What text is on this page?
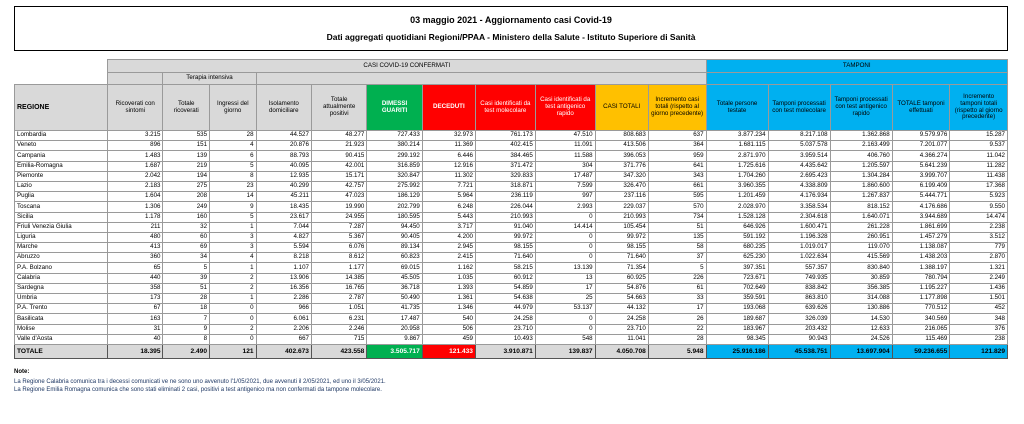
03 maggio 2021 - Aggiornamento casi Covid-19
Dati aggregati quotidiani Regioni/PPAA - Ministero della Salute - Istituto Superiore di Sanità
	CASI COVID-19 CONFERMATI											TAMPONI				
		Terapia intensiva														
REGIONE	Ricoverati con sintomi	Totale ricoverati	Ingressi del giorno	Isolamento domiciliare	Totale attualmente positivi	DIMESSI GUARITI	DECEDUTI	Casi identificati da test molecolare	Casi identificati da test antigenico rapido	CASI TOTALI	Incremento casi totali (rispetto al giorno precedente)	Totale persone testate	Tamponi processati con test molecolare	Tamponi processati con test antigenico rapido	TOTALE tamponi effettuati	Incremento tamponi totali (rispetto al giorno precedente)
Lombardia	3.215	535	28	44.527	48.277	727.433	32.973	761.173	47.510	808.683	637	3.877.234	8.217.108	1.362.868	9.579.976	15.287
Veneto	896	151	4	20.876	21.923	380.214	11.369	402.415	11.091	413.506	364	1.681.115	5.037.578	2.163.499	7.201.077	9.537
Campania	1.483	139	6	88.793	90.415	299.192	6.446	384.465	11.588	396.053	959	2.871.970	3.959.514	406.760	4.366.274	11.042
Emilia-Romagna	1.687	219	5	40.095	42.001	316.859	12.916	371.472	304	371.776	641	1.725.616	4.435.642	1.205.597	5.641.239	11.282
Piemonte	2.042	194	8	12.935	15.171	320.847	11.302	329.833	17.487	347.320	343	1.704.260	2.695.423	1.304.284	3.999.707	11.438
Lazio	2.183	275	23	40.299	42.757	275.992	7.721	318.871	7.599	326.470	661	3.960.355	4.338.809	1.860.600	6.199.409	17.368
Puglia	1.604	208	14	45.211	47.023	186.129	5.964	236.119	997	237.116	595	1.201.459	4.176.934	1.267.837	5.444.771	5.923
Toscana	1.306	249	9	18.435	19.990	202.799	6.248	226.044	2.993	229.037	570	2.028.970	3.358.534	818.152	4.176.686	9.550
Sicilia	1.178	160	5	23.617	24.955	180.595	5.443	210.993	0	210.993	734	1.528.128	2.304.618	1.640.071	3.944.689	14.474
Friuli Venezia Giulia	211	32	1	7.044	7.287	94.450	3.717	91.040	14.414	105.454	51	646.926	1.600.471	261.228	1.861.699	2.238
Liguria	480	60	3	4.827	5.367	90.405	4.200	99.972	0	99.972	135	591.192	1.196.328	260.951	1.457.279	3.512
Marche	413	69	3	5.594	6.076	89.134	2.945	98.155	0	98.155	58	680.235	1.019.017	119.070	1.138.087	779
Abruzzo	360	34	4	8.218	8.612	60.823	2.415	71.640	0	71.640	37	625.230	1.022.634	415.569	1.438.203	2.870
P.A. Bolzano	65	5	1	1.107	1.177	69.015	1.162	58.215	13.139	71.354	5	397.351	557.357	830.840	1.388.197	1.321
Calabria	440	39	2	13.906	14.385	45.505	1.035	60.912	13	60.925	226	723.671	749.935	30.859	780.794	2.249
Sardegna	358	51	2	16.356	16.765	36.718	1.393	54.859	17	54.876	61	702.649	838.842	356.385	1.195.227	1.436
Umbria	173	28	1	2.286	2.787	50.490	1.361	54.638	25	54.663	33	359.591	863.810	314.088	1.177.898	1.501
P.A. Trento	67	18	0	966	1.051	41.735	1.346	44.979	53.137	44.132	17	193.068	639.626	130.886	770.512	452
Basilicata	163	7	0	6.061	6.231	17.487	540	24.258	0	24.258	26	189.687	326.039	14.530	340.569	348
Molise	31	9	2	2.206	2.246	20.958	506	23.710	0	23.710	22	183.967	203.432	12.633	216.065	376
Valle d'Aosta	40	8	0	667	715	9.867	459	10.493	548	11.041	28	98.345	90.943	24.526	115.469	238
TOTALE	18.395	2.490	121	402.673	423.558	3.505.717	121.433	3.910.871	139.837	4.050.708	5.948	25.916.186	45.538.751	13.697.904	59.236.655	121.829
Note:
La Regione Calabria comunica tra i decessi comunicati ve ne sono uno avvenuto l'1/05/2021, due avvenuti il 2/05/2021, ed uno il 3/05/2021.
La Regione Emilia Romagna comunica che sono stati eliminati 2 casi, positivi a test antigenico ma non confermati da tampone molecolare.
